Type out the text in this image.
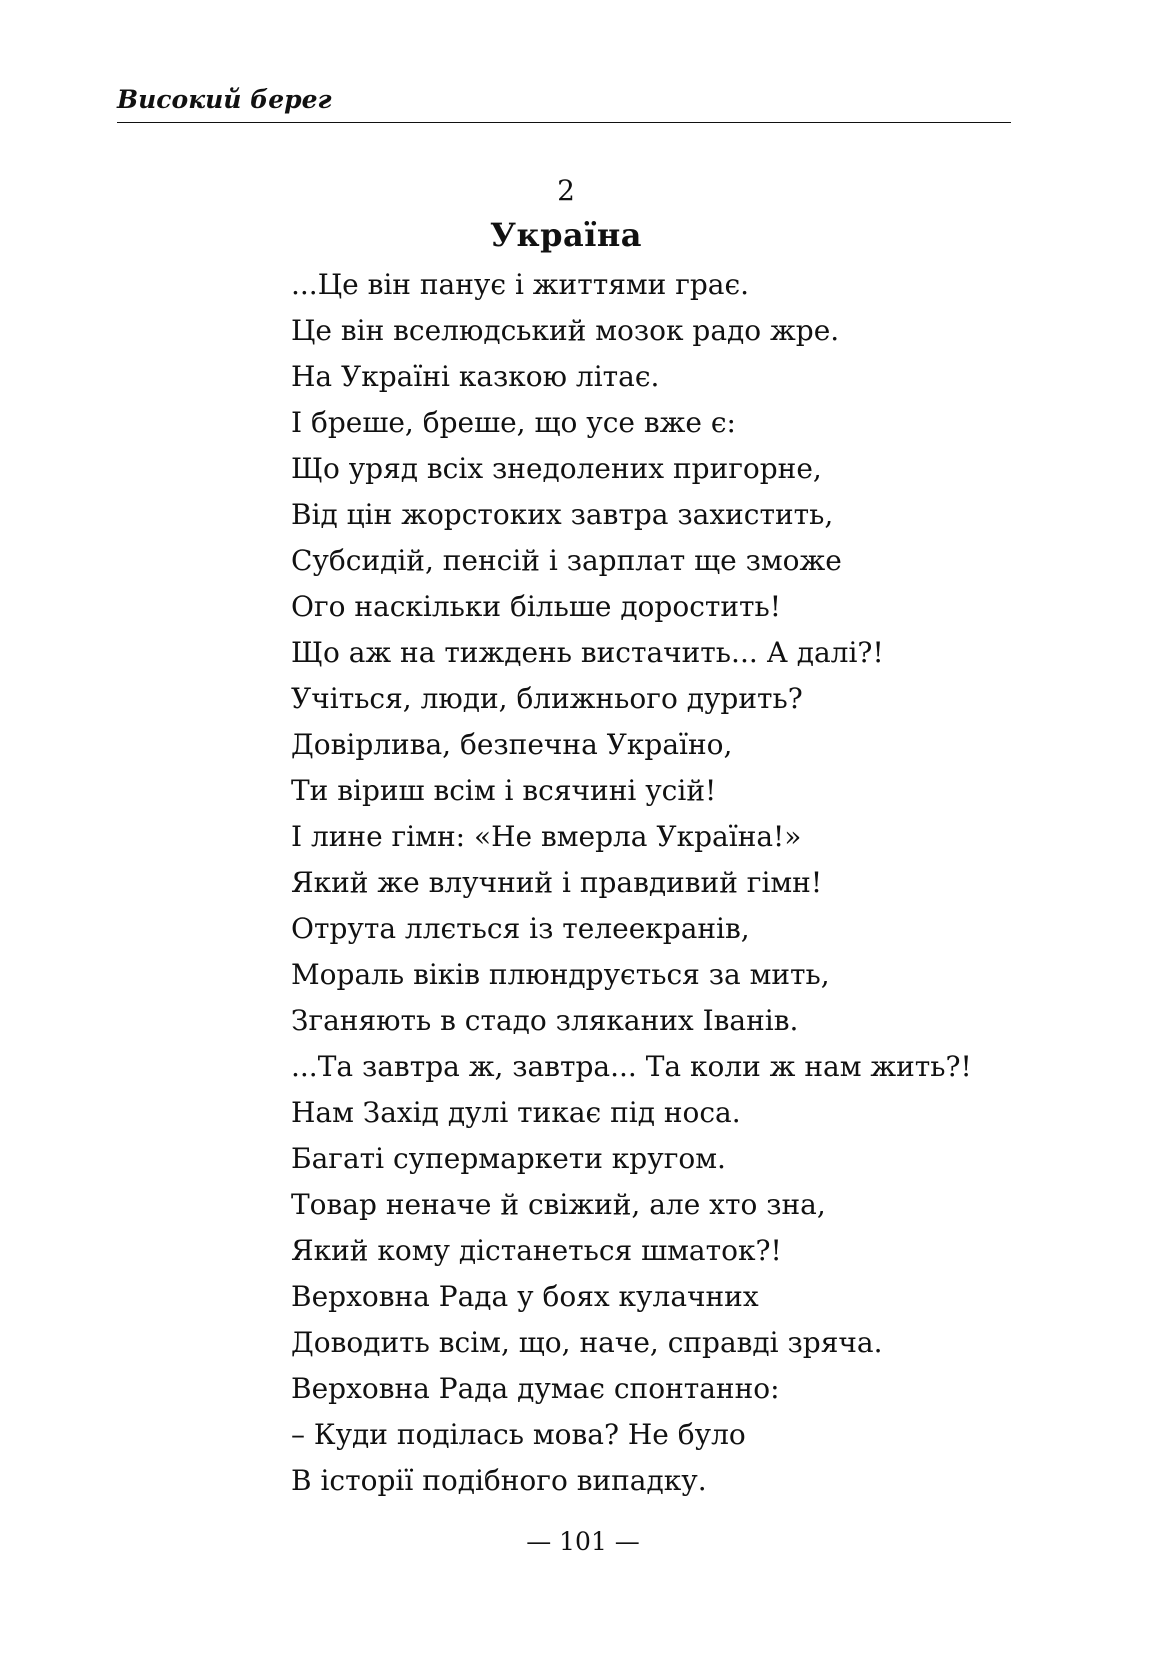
Високий берег
2
Україна
...Це він панує і життями грає.
Це він вселюдський мозок радо жре.
На Україні казкою літає.
І бреше, бреше, що усе вже є:
Що уряд всіх знедолених пригорне,
Від цін жорстоких завтра захистить,
Субсидій, пенсій і зарплат ще зможе
Ого наскільки більше доростить!
Що аж на тиждень вистачить... А далі?!
Учіться, люди, ближнього дурить?
Довірлива, безпечна Україно,
Ти віриш всім і всячині усій!
І лине гімн: «Не вмерла Україна!»
Який же влучний і правдивий гімн!
Отрута ллється із телеекранів,
Мораль віків плюндрується за мить,
Зганяють в стадо зляканих Іванів.
...Та завтра ж, завтра... Та коли ж нам жить?!
Нам Захід дулі тикає під носа.
Багаті супермаркети кругом.
Товар неначе й свіжий, але хто зна,
Який кому дістанеться шматок?!
Верховна Рада у боях кулачних
Доводить всім, що, наче, справді зряча.
Верховна Рада думає спонтанно:
– Куди поділась мова? Не було
В історії подібного випадку.
— 101 —
